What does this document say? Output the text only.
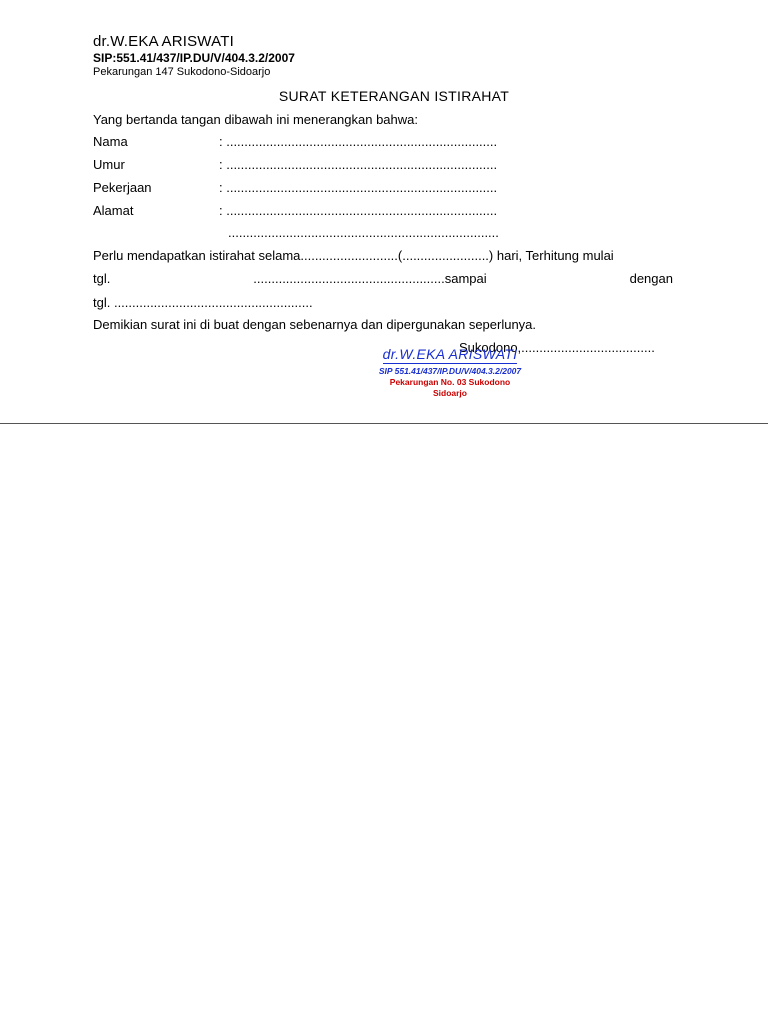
dr.W.EKA ARISWATI
SIP:551.41/437/IP.DU/V/404.3.2/2007
Pekarungan 147 Sukodono-Sidoarjo
SURAT KETERANGAN ISTIRAHAT
Yang bertanda tangan dibawah ini menerangkan bahwa:
Nama	: ...........................................................................
Umur	: ...........................................................................
Pekerjaan	: ...........................................................................
Alamat	: ...........................................................................
...........................................................................
Perlu mendapatkan istirahat selama...........................(........................) hari, Terhitung mulai
tgl.	.....................................................sampai	dengan
tgl. .......................................................
Demikian surat ini di buat dengan sebenarnya dan dipergunakan seperlunya.
Sukodono,.....................................
dr.W.EKA ARISWATI
SIP 551.41/437/IP.DU/V/404.3.2/2007
Pekarungan No. 03 Sukodono
Sidoarjo
